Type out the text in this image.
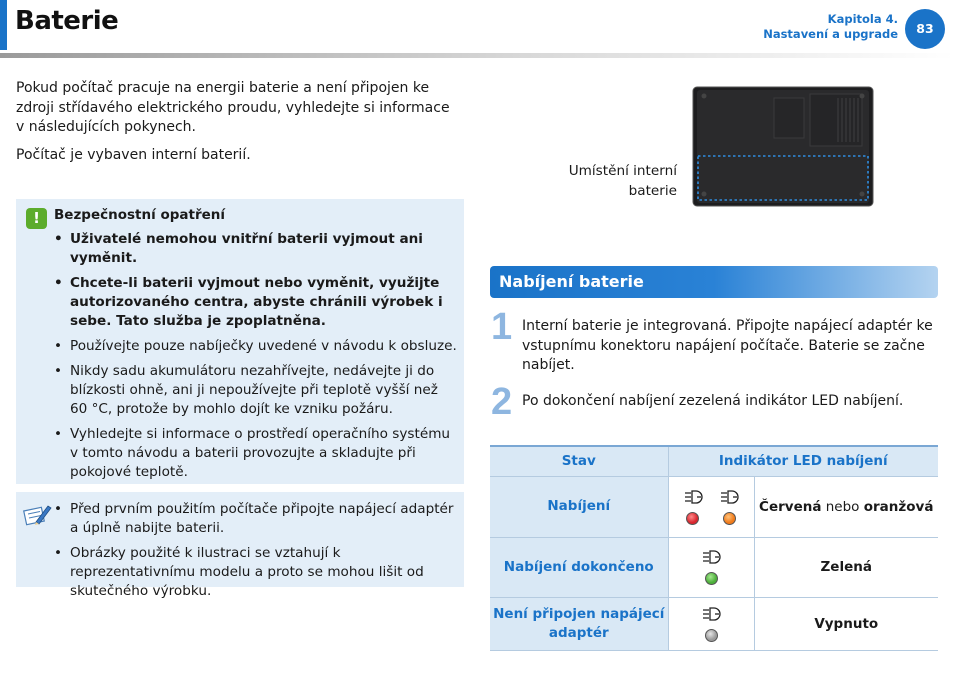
Baterie	Kapitola 4.
Nastavení a upgrade	83
Pokud počítač pracuje na energii baterie a není připojen ke zdroji střídavého elektrického proudu, vyhledejte si informace v následujících pokynech.
Počítač je vybaven interní baterií.
!	Bezpečnostní opatření
• Uživatelé nemohou vnitřní baterii vyjmout ani vyměnit.
• Chcete-li baterii vyjmout nebo vyměnit, využijte autorizovaného centra, abyste chránili výrobek i sebe. Tato služba je zpoplatněna.
• Používejte pouze nabíječky uvedené v návodu k obsluze.
• Nikdy sadu akumulátoru nezahřívejte, nedávejte ji do blízkosti ohně, ani ji nepoužívejte při teplotě vyšší než 60 °C, protože by mohlo dojít ke vzniku požáru.
• Vyhledejte si informace o prostředí operačního systému v tomto návodu a baterii provozujte a skladujte při pokojové teplotě.
• Před prvním použitím počítače připojte napájecí adaptér a úplně nabijte baterii.
• Obrázky použité k ilustraci se vztahují k reprezentativnímu modelu a proto se mohou lišit od skutečného výrobku.
Umístění interní
baterie
Nabíjení baterie
1 Interní baterie je integrovaná. Připojte napájecí adaptér ke vstupnímu konektoru napájení počítače. Baterie se začne nabíjet.
2 Po dokončení nabíjení zezelená indikátor LED nabíjení.
Stav	Indikátor LED nabíjení	
Nabíjení		Červená nebo oranžová
Nabíjení dokončeno		Zelená

Není připojen napájecí
adaptér		Vypnuto
